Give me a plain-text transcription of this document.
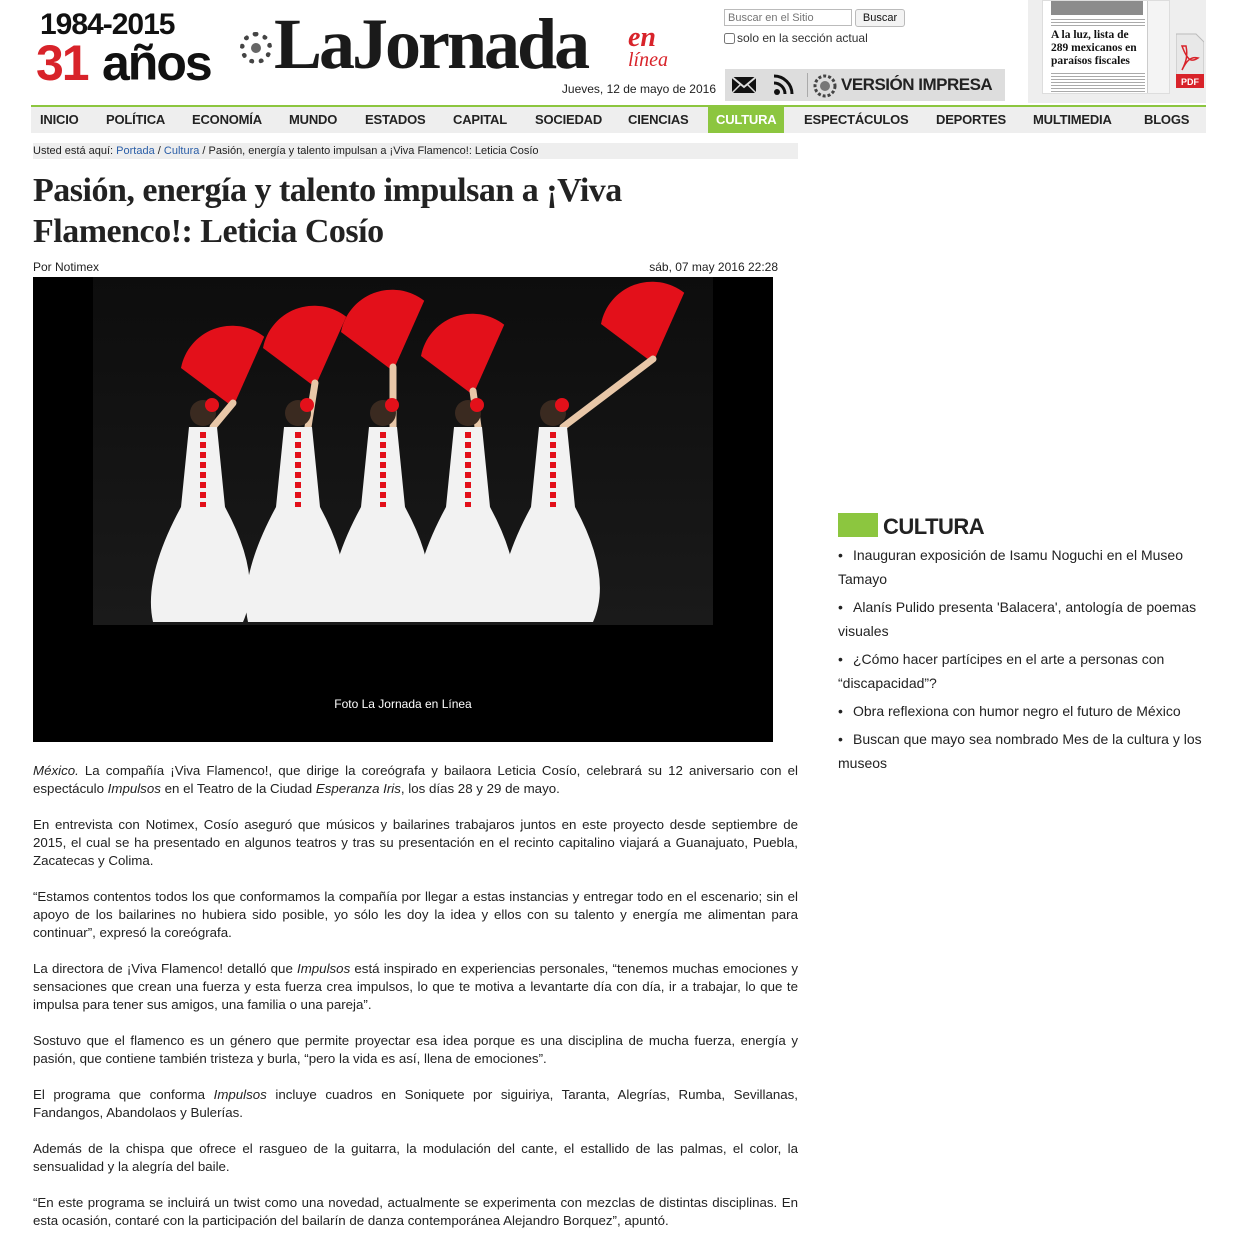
1984-2015
31 años LaJornada en
línea
Jueves, 12 de mayo de 2016
Buscar en el Sitio
Buscar
solo en la sección actual
VERSIÓN IMPRESA
A la luz, lista de 289 mexicanos en paraísos fiscales
PDF
INICIO POLÍTICA ECONOMÍA MUNDO ESTADOS CAPITAL SOCIEDAD CIENCIAS	CULTURA	ESPECTÁCULOS DEPORTES MULTIMEDIA BLOGS
Usted está aquí: Portada / Cultura / Pasión, energía y talento impulsan a ¡Viva Flamenco!: Leticia Cosío
Pasión, energía y talento impulsan a ¡Viva Flamenco!: Leticia Cosío
Por Notimex	sáb, 07 may 2016 22:28
Foto La Jornada en Línea

México. La compañía ¡Viva Flamenco!, que dirige la coreógrafa y bailaora Leticia Cosío, celebrará su 12 aniversario con el espectáculo Impulsos en el Teatro de la Ciudad Esperanza Iris, los días 28 y 29 de mayo.

En entrevista con Notimex, Cosío aseguró que músicos y bailarines trabajaros juntos en este proyecto desde septiembre de 2015, el cual se ha presentado en algunos teatros y tras su presentación en el recinto capitalino viajará a Guanajuato, Puebla, Zacatecas y Colima.

“Estamos contentos todos los que conformamos la compañía por llegar a estas instancias y entregar todo en el escenario; sin el apoyo de los bailarines no hubiera sido posible, yo sólo les doy la idea y ellos con su talento y energía me alimentan para continuar”, expresó la coreógrafa.

La directora de ¡Viva Flamenco! detalló que Impulsos está inspirado en experiencias personales, “tenemos muchas emociones y sensaciones que crean una fuerza y esta fuerza crea impulsos, lo que te motiva a levantarte día con día, ir a trabajar, lo que te impulsa para tener sus amigos, una familia o una pareja”.

Sostuvo que el flamenco es un género que permite proyectar esa idea porque es una disciplina de mucha fuerza, energía y pasión, que contiene también tristeza y burla, “pero la vida es así, llena de emociones”.

El programa que conforma Impulsos incluye cuadros en Soniquete por siguiriya, Taranta, Alegrías, Rumba, Sevillanas, Fandangos, Abandolaos y Bulerías.

Además de la chispa que ofrece el rasgueo de la guitarra, la modulación del cante, el estallido de las palmas, el color, la sensualidad y la alegría del baile.

“En este programa se incluirá un twist como una novedad, actualmente se experimenta con mezclas de distintas disciplinas. En esta ocasión, contaré con la participación del bailarín de danza contemporánea Alejandro Borquez”, apuntó.

CULTURA
• Inauguran exposición de Isamu Noguchi en el Museo Tamayo
• Alanís Pulido presenta 'Balacera', antología de poemas visuales
• ¿Cómo hacer partícipes en el arte a personas con “discapacidad”?
• Obra reflexiona con humor negro el futuro de México
• Buscan que mayo sea nombrado Mes de la cultura y los museos
